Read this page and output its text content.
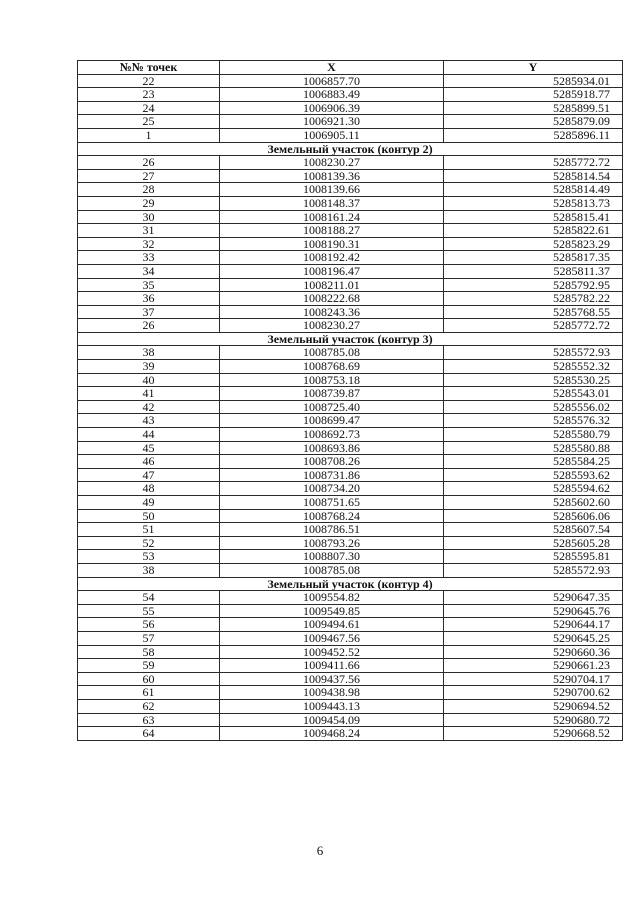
№№ точек	X	Y
22	1006857.70	5285934.01
23	1006883.49	5285918.77
24	1006906.39	5285899.51
25	1006921.30	5285879.09
1	1006905.11	5285896.11
Земельный участок (контур 2)		
26	1008230.27	5285772.72
27	1008139.36	5285814.54
28	1008139.66	5285814.49
29	1008148.37	5285813.73
30	1008161.24	5285815.41
31	1008188.27	5285822.61
32	1008190.31	5285823.29
33	1008192.42	5285817.35
34	1008196.47	5285811.37
35	1008211.01	5285792.95
36	1008222.68	5285782.22
37	1008243.36	5285768.55
26	1008230.27	5285772.72
Земельный участок (контур 3)		
38	1008785.08	5285572.93
39	1008768.69	5285552.32
40	1008753.18	5285530.25
41	1008739.87	5285543.01
42	1008725.40	5285556.02
43	1008699.47	5285576.32
44	1008692.73	5285580.79
45	1008693.86	5285580.88
46	1008708.26	5285584.25
47	1008731.86	5285593.62
48	1008734.20	5285594.62
49	1008751.65	5285602.60
50	1008768.24	5285606.06
51	1008786.51	5285607.54
52	1008793.26	5285605.28
53	1008807.30	5285595.81
38	1008785.08	5285572.93
Земельный участок (контур 4)		
54	1009554.82	5290647.35
55	1009549.85	5290645.76
56	1009494.61	5290644.17
57	1009467.56	5290645.25
58	1009452.52	5290660.36
59	1009411.66	5290661.23
60	1009437.56	5290704.17
61	1009438.98	5290700.62
62	1009443.13	5290694.52
63	1009454.09	5290680.72
64	1009468.24	5290668.52
6
